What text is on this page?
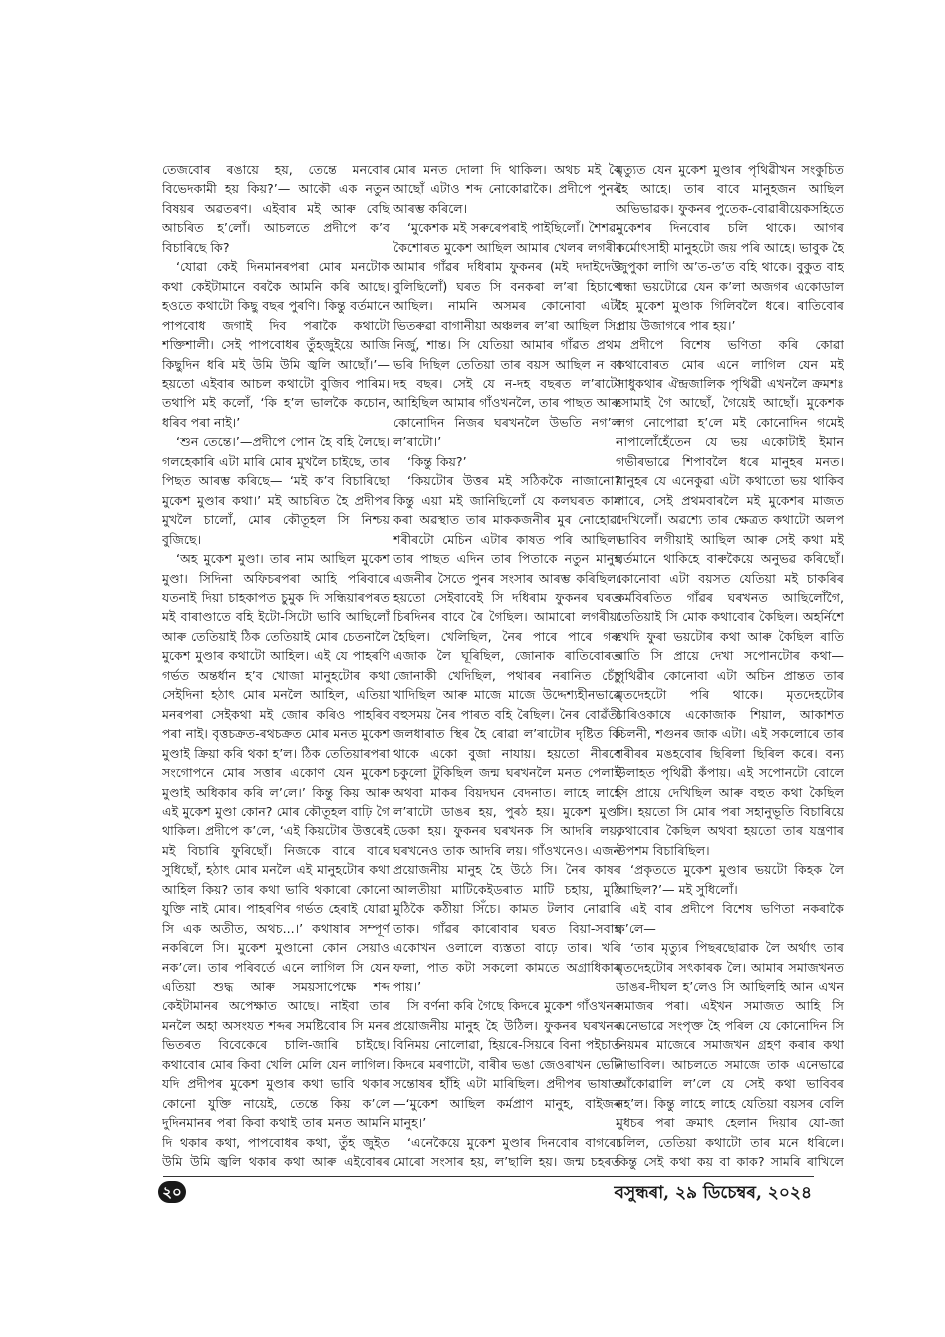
তেজবোৰ ৰঙায়ে হয়, তেন্তে মনবোৰ বিভেদকামী হয় কিয়?’— আকৌ এক নতুন বিষয়ৰ অৱতৰণ। এইবাৰ মই আৰু বেছি আচৰিত হ’লোঁ। আচলতে প্ৰদীপে ক’ব বিচাৰিছে কি?

‘যোৱা কেই দিনমানৰপৰা মোৰ মনটোক কথা কেইটামানে বৰকৈ আমনি কৰি আছে। হওতে কথাটো কিছু বছৰ পুৰণি। কিন্তু বৰ্তমানে পাপবোধ জগাই দিব পৰাকৈ কথাটো শক্তিশালী। সেই পাপবোধৰ তুঁহজুইয়ে আজি কিছুদিন ধৰি মই উমি উমি জ্বলি আছোঁ।’— হয়তো এইবাৰ আচল কথাটো বুজিব পাৰিম। তথাপি মই কলোঁ, ‘কি হ’ল ভালকৈ কচোন, ধৰিব পৰা নাই।’

‘শুন তেন্তে।’—প্ৰদীপে পোন হৈ বহি লৈছে। গলহেকাৰি এটা মাৰি মোৰ মুখলৈ চাইছে, তাৰ পিছত আৰম্ভ কৰিছে— ‘মই ক’ব বিচাৰিছো মুকেশ মুণ্ডাৰ কথা।’ মই আচৰিত হৈ প্ৰদীপৰ মুখলৈ চালোঁ, মোৰ কৌতূহল সি নিশ্চয় বুজিছে।

‘অহ মুকেশ মুণ্ডা। তাৰ নাম আছিল মুকেশ মুণ্ডা। সিদিনা অফিচৰপৰা আহি পৰিবাৰে যতনাই দিয়া চাহকাপত চুমুক দি সন্ধিয়াৰপৰত মই বাৰাণ্ডাতে বহি ইটো-সিটো ভাবি আছিলোঁ আৰু তেতিয়াই ঠিক তেতিয়াই মোৰ চেতনালৈ মুকেশ মুণ্ডাৰ কথাটো আহিল। এই যে পাহৰণি গৰ্ভত অন্তৰ্ধান হ’ব খোজা মানুহটোৰ কথা সেইদিনা হঠাৎ মোৰ মনলৈ আহিল, এতিয়া মনৰপৰা সেইকথা মই জোৰ কৰিও পাহৰিব পৰা নাই। বৃত্তচক্ৰত-ৰথচক্ৰত মোৰ মনত মুকেশ মুণ্ডাই ক্ৰিয়া কৰি থকা হ’ল। ঠিক তেতিয়াৰপৰা সংগোপনে মোৰ সত্তাৰ একোণ যেন মুকেশ মুণ্ডাই অধিকাৰ কৰি ল’লে।’ কিন্তু কিয় আৰু এই মুকেশ মুণ্ডা কোন? মোৰ কৌতূহল বাঢ়ি গৈ থাকিল। প্ৰদীপে ক’লে, ‘এই কিয়টোৰ উত্তৰেই মই বিচাৰি ফুৰিছোঁ। নিজকে বাৰে বাৰে সুধিছোঁ, হঠাৎ মোৰ মনলৈ এই মানুহটোৰ কথা আহিল কিয়? তাৰ কথা ভাবি থকাৰো কোনো যুক্তি নাই মোৰ। পাহৰণিৰ গৰ্ভত হেৰাই যোৱা সি এক অতীত, অথচ...।’ কথাষাৰ সম্পূৰ্ণ নকৰিলে সি। মুকেশ মুণ্ডানো কোন সেয়াও নক’লে। তাৰ পৰিবৰ্তে এনে লাগিল সি যেন এতিয়া শুদ্ধ আৰু সময়সাপেক্ষে শব্দ কেইটামানৰ অপেক্ষাত আছে। নাইবা তাৰ মনলৈ অহা অসংযত শব্দৰ সমষ্টিবোৰ সি মনৰ ভিতৰত বিবেকেৰে চালি-জাৰি চাইছে। কথাবোৰ মোৰ কিবা খেলি মেলি যেন লাগিল। যদি প্ৰদীপৰ মুকেশ মুণ্ডাৰ কথা ভাবি থকাৰ কোনো যুক্তি নায়েই, তেন্তে কিয় ক’লে দুদিনমানৰ পৰা কিবা কথাই তাৰ মনত আমনি দি থকাৰ কথা, পাপবোধৰ কথা, তুঁহ জুইত উমি উমি জ্বলি থকাৰ কথা আৰু এইবোৰৰ

মোৰ মনত দোলা দি থাকিল। অথচ মই বৈ আছোঁ এটাও শব্দ নোকোৱাকৈ। প্ৰদীপে পুনৰ আৰম্ভ কৰিলে।

‘মুকেশক মই সৰুৰেপৰাই পাইছিলোঁ। শৈশৱ-কৈশোৰত মুকেশ আছিল আমাৰ খেলৰ লগৰী। আমাৰ গাঁৱৰ দধিৰাম ফুকনৰ (মই দদাইদেউ বুলিছিলোঁ) ঘৰত সি বনকৰা ল’ৰা হিচাপে আছিল। নামনি অসমৰ কোনোবা এটা ভিতৰুৱা বাগানীয়া অঞ্চলৰ ল’ৰা আছিল সি। নিৰ্জু, শান্ত। সি যেতিয়া আমাৰ গাঁৱত প্ৰথম ভৰি দিছিল তেতিয়া তাৰ বয়স আছিল ন বা দহ বছৰ। সেই যে ন-দহ বছৰত ল’ৰাটো আহিছিল আমাৰ গাঁওখনলৈ, তাৰ পাছত আৰু কোনোদিন নিজৰ ঘৰখনলৈ উভতি নগ’ল ল’ৰাটো।’

‘কিন্তু কিয়?’

‘কিয়টোৰ উত্তৰ মই সঠিককৈ নাজানো? কিন্তু এয়া মই জানিছিলোঁ যে কলঘৰত কাম কৰা অৱস্থাত তাৰ মাককজনীৰ মুৰ নোহোৱা শৰীৰটো মেচিন এটাৰ কাষত পৰি আছিল। তাৰ পাছত এদিন তাৰ পিতাকে নতুন মানুহ এজনীৰ সৈতে পুনৰ সংসাৰ আৰম্ভ কৰিছিল। হয়তো সেইবাবেই সি দধিৰাম ফুকনৰ ঘৰত চিৰদিনৰ বাবে ৰৈ গৈছিল। আমাৰো লগৰীয়া হৈছিল। খেলিছিল, নৈৰ পাৰে পাৰে গৰু এজাক লৈ ঘূৰিছিল, জোনাক ৰাতিবোৰত জোনাকী খেদিছিল, পথাৰৰ নৰানিত চেঁচু খাদিছিল আৰু মাজে মাজে উদ্দেশ্যহীনভাৱে বহুসময় নৈৰ পাৰত বহি ৰৈছিল। নৈৰ বোৱঁতী জলধাৰাত স্থিৰ হৈ ৰোৱা ল’ৰাটোৰ দৃষ্টিত কি থাকে একো বুজা নাযায়। হয়তো নীৰবে চকুলো টুকিছিল জন্ম ঘৰখনলৈ মনত পেলাই অথবা মাকৰ বিয়দঘন বেদনাত। লাহে লাহে ল’ৰাটো ডাঙৰ হয়, পুৰঠ হয়। মুকেশ মুণ্ডা ডেকা হয়। ফুকনৰ ঘৰখনক সি আদৰি লয়, ঘৰখনেও তাক আদৰি লয়। গাঁওখনেও। এজন প্ৰয়োজনীয় মানুহ হৈ উঠে সি। নৈৰ কাষৰ আলতীয়া মাটিকেইডৰাত মাটি চহায়, মুঠি মুঠিকৈ কঠীয়া সিঁচে। কামত টলাব নোৱাৰি তাক। গাঁৱৰ কাৰোবাৰ ঘৰত বিয়া-সবাহ একোখন ওলালে ব্যস্ততা বাঢ়ে তাৰ। খৰি ফলা, পাত কটা সকলো কামতে অগ্ৰাধিকাৰ পায়।’

সি বৰ্ণনা কৰি গৈছে কিদৰে মুকেশ গাঁওখনৰ প্ৰয়োজনীয় মানুহ হৈ উঠিল। ফুকনৰ ঘৰখনৰ বিনিময় নোলোৱা, হিয়ৰে-সিয়ৰে বিনা পইচাত কিদৰে মৰণাটো, বাৰীৰ ভঙা জেওৰাখন ভেটি সন্তোষৰ হাঁহি এটা মাৰিছিল। প্ৰদীপৰ ভাষাত—‘মুকেশ আছিল কৰ্মপ্ৰাণ মানুহ, বাইজৰ মানুহ।’

‘এনেকৈয়ে মুকেশ মুণ্ডাৰ দিনবোৰ বাগৰে। মোৰো সংসাৰ হয়, ল’ছালি হয়। জন্ম চহৰত

মৃত্যুত যেন মুকেশ মুণ্ডাৰ পৃথিৱীখন সংকুচিত হৈ আহে। তাৰ বাবে মানুহজন আছিল অভিভাৱক। ফুকনৰ পুতেক-বোৱাৰীয়েকসহিতে মুকেশৰ দিনবোৰ চলি থাকে। আগৰ কৰ্মোৎসাহী মানুহটো জয় পৰি আহে। ভাবুক হৈ জুপুকা লাগি অ’ত-ত’ত বহি থাকে। বুকুত বাহ বন্ধা ভয়টোৱে যেন ক’লা অজগৰ একোডাল হৈ মুকেশ মুণ্ডাক গিলিবলৈ ধৰে। ৰাতিবোৰ প্ৰায় উজাগৰে পাৰ হয়।’

প্ৰদীপে বিশেষ ভণিতা কৰি কোৱা কথাবোৰত মোৰ এনে লাগিল যেন মই সাধুকথাৰ ঐন্দ্ৰজালিক পৃথিৱী এখনলৈ ক্ৰমশঃ সোমাই গৈ আছোঁ, গৈয়েই আছোঁ। মুকেশক লগ নোপোৱা হ’লে মই কোনোদিন গমেই নাপালোঁহেঁতেন যে ভয় একোটাই ইমান গভীৰভাৱে শিপাবলৈ ধৰে মানুহৰ মনত। মানুহৰ যে এনেকুৱা এটা কথাতো ভয় থাকিব পাৰে, সেই প্ৰথমবাৰলৈ মই মুকেশৰ মাজত দেখিলোঁ। অৱশ্যে তাৰ ক্ষেত্ৰত কথাটো অলপ ভাবিব লগীয়াই আছিল আৰু সেই কথা মই বৰ্তমানে থাকিহে বাৰুকৈয়ে অনুভৱ কৰিছোঁ। কোনোবা এটা বয়সত যেতিয়া মই চাকৰিৰ কৰ্মবিৰতিত গাঁৱৰ ঘৰখনত আছিলোঁগৈ, তেতিয়াই সি মোক কথাবোৰ কৈছিল। অহৰ্নিশে খেদি ফুৰা ভয়টোৰ কথা আৰু কৈছিল ৰাতি ৰাতি সি প্ৰায়ে দেখা সপোনটোৰ কথা—পৃথিৱীৰ কোনোবা এটা অচিন প্ৰান্তত তাৰ মৃতদেহটো পৰি থাকে। মৃতদেহটোৰ চাৰিওকাষে একোজাক শিয়াল, আকাশত চিলনী, শগুনৰ জাক এটা। এই সকলোৰে তাৰ শৰীৰৰ মঙহবোৰ ছিৰিলা ছিৰিল কৰে। বন্য উলাহত পৃথিৱী কঁপায়। এই সপোনটো বোলে সি প্ৰায়ে দেখিছিল আৰু বহুত কথা কৈছিল সি। হয়তো সি মোৰ পৰা সহানুভূতি বিচাৰিয়ে কথাবোৰ কৈছিল অথবা হয়তো তাৰ যন্ত্ৰণাৰ উপশম বিচাৰিছিল।

‘প্ৰকৃততে মুকেশ মুণ্ডাৰ ভয়টো কিহক লৈ আছিল?’— মই সুধিলোঁ।

এই বাৰ প্ৰদীপে বিশেষ ভণিতা নকৰাকৈ ক’লে—

‘তাৰ মৃত্যুৰ পিছৰছোৱাক লৈ অৰ্থাৎ তাৰ মৃতদেহটোৰ সৎকাৰক লৈ। আমাৰ সমাজখনত ডাঙৰ-দীঘল হ’লেও সি আছিলহি আন এখন সমাজৰ পৰা। এইখন সমাজত আহি সি এনেভাৱে সংপৃক্ত হৈ পৰিল যে কোনোদিন সি নিয়মৰ মাজেৰে সমাজখন গ্ৰহণ কৰাৰ কথা নাভাবিল। আচলতে সমাজে তাক এনেভাৱে আঁকোৱালি ল’লে যে সেই কথা ভাবিবৰ নহ’ল। কিন্তু লাহে লাহে যেতিয়া বয়সৰ বেলি মুধচৰ পৰা ক্ৰমাৎ হেলান দিয়াৰ যো-জা চলিল, তেতিয়া কথাটো তাৰ মনে ধৰিলে। কিন্তু সেই কথা কয় বা কাক? সামৰি ৰাখিলে

২০	বসুন্ধৰা, ২৯ ডিচেম্বৰ, ২০২৪
